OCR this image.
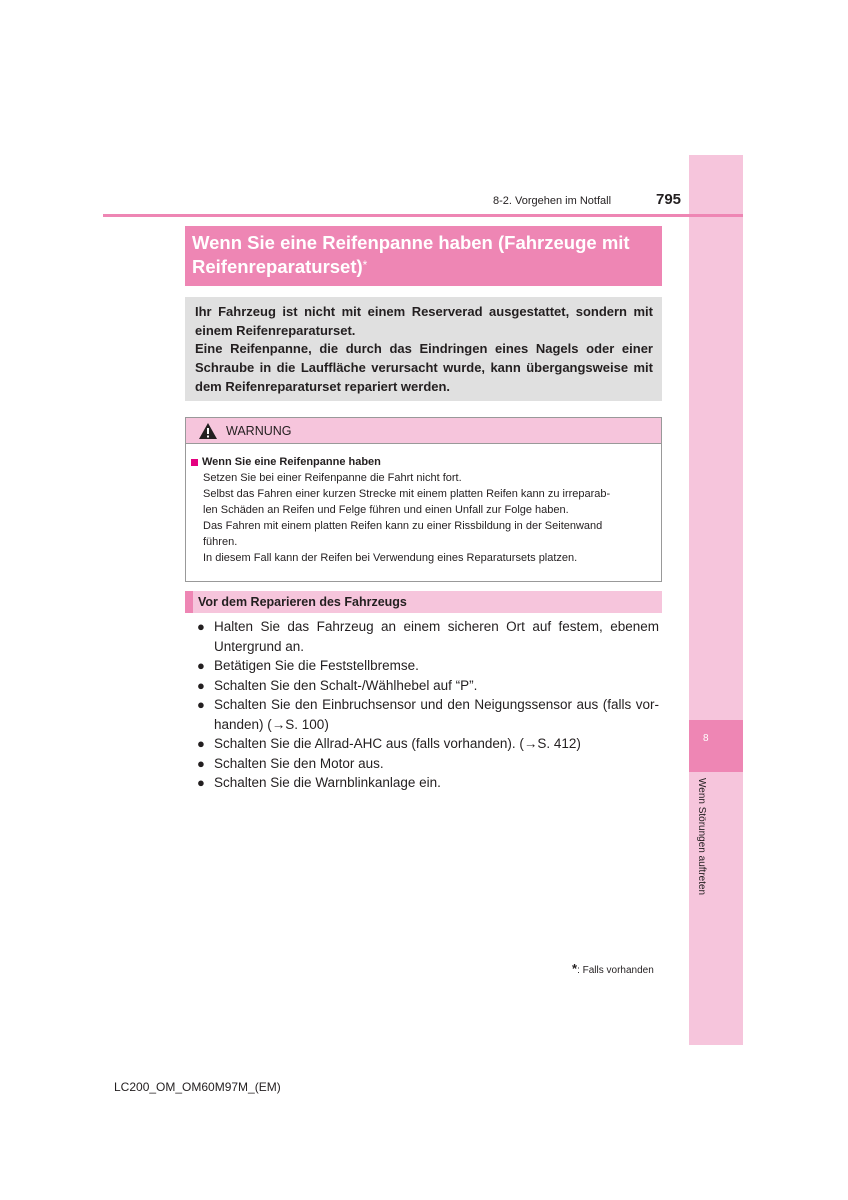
8
Wenn Störungen auftreten
8-2. Vorgehen im Notfall	795
Wenn Sie eine Reifenpanne haben (Fahrzeuge mit Reifenreparaturset)*

Ihr Fahrzeug ist nicht mit einem Reserverad ausgestattet, sondern mit einem Reifenreparaturset.

Eine Reifenpanne, die durch das Eindringen eines Nagels oder einer Schraube in die Lauffläche verursacht wurde, kann übergangsweise mit dem Reifenreparaturset repariert werden.

WARNUNG
Wenn Sie eine Reifenpanne haben
Setzen Sie bei einer Reifenpanne die Fahrt nicht fort.
Selbst das Fahren einer kurzen Strecke mit einem platten Reifen kann zu irreparab-
len Schäden an Reifen und Felge führen und einen Unfall zur Folge haben.
Das Fahren mit einem platten Reifen kann zu einer Rissbildung in der Seitenwand
führen.
In diesem Fall kann der Reifen bei Verwendung eines Reparatursets platzen.
Vor dem Reparieren des Fahrzeugs
● Halten Sie das Fahrzeug an einem sicheren Ort auf festem, ebenem Untergrund an.
● Betätigen Sie die Feststellbremse.
● Schalten Sie den Schalt-/Wählhebel auf “P”.
● Schalten Sie den Einbruchsensor und den Neigungssensor aus (falls vor-handen) (→S. 100)
● Schalten Sie die Allrad-AHC aus (falls vorhanden). (→S. 412)
● Schalten Sie den Motor aus.
● Schalten Sie die Warnblinkanlage ein.
*: Falls vorhanden
LC200_OM_OM60M97M_(EM)
